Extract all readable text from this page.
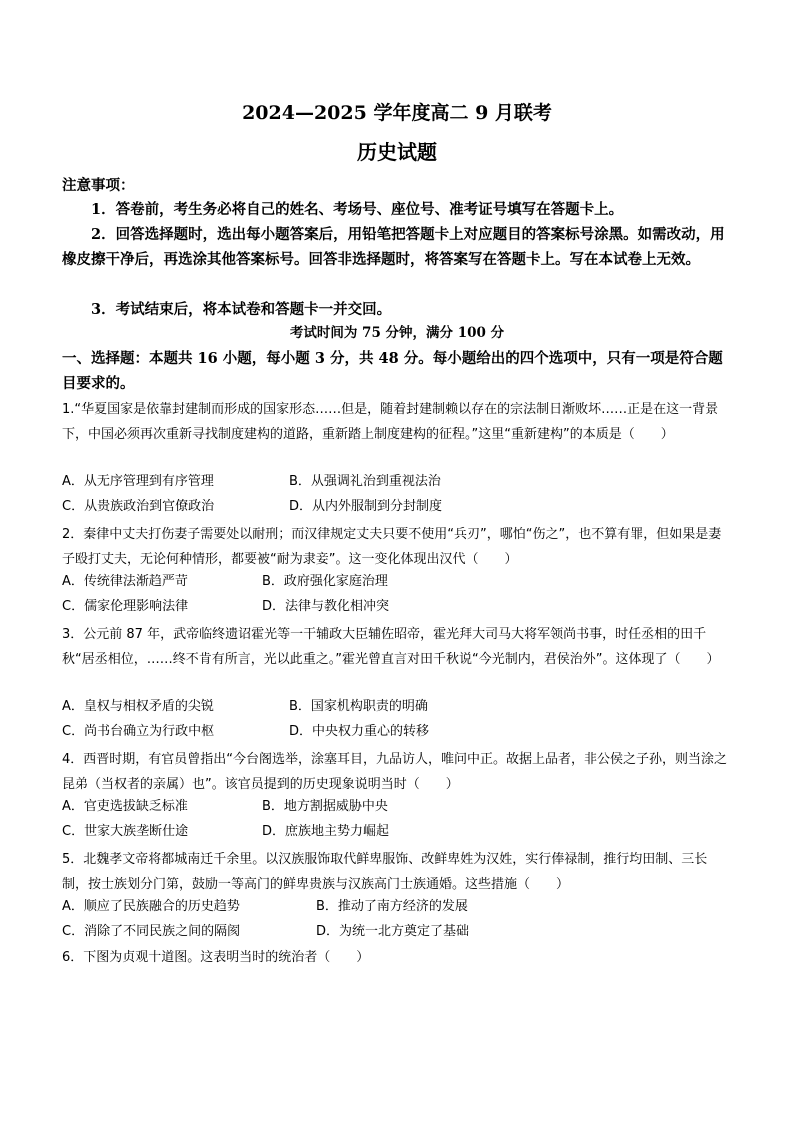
2024—2025 学年度高二 9 月联考
历史试题
注意事项：
1．答卷前，考生务必将自己的姓名、考场号、座位号、准考证号填写在答题卡上。
2．回答选择题时，选出每小题答案后，用铅笔把答题卡上对应题目的答案标号涂黑。如需改动，用橡皮擦干净后，再选涂其他答案标号。回答非选择题时，将答案写在答题卡上。写在本试卷上无效。
3．考试结束后，将本试卷和答题卡一并交回。
考试时间为 75 分钟，满分 100 分
一、选择题：本题共 16 小题，每小题 3 分，共 48 分。每小题给出的四个选项中，只有一项是符合题目要求的。
1.“华夏国家是依靠封建制而形成的国家形态……但是，随着封建制赖以存在的宗法制日渐败坏……正是在这一背景下，中国必须再次重新寻找制度建构的道路，重新踏上制度建构的征程。”这里“重新建构”的本质是（　　）
A．从无序管理到有序管理	B．从强调礼治到重视法治
C．从贵族政治到官僚政治	D．从内外服制到分封制度
2．秦律中丈夫打伤妻子需要处以耐刑；而汉律规定丈夫只要不使用“兵刃”，哪怕“伤之”，也不算有罪，但如果是妻子殴打丈夫，无论何种情形，都要被“耐为隶妾”。这一变化体现出汉代（　　）
A．传统律法渐趋严苛	B．政府强化家庭治理
C．儒家伦理影响法律	D．法律与教化相冲突
3．公元前 87 年，武帝临终遗诏霍光等一干辅政大臣辅佐昭帝，霍光拜大司马大将军领尚书事，时任丞相的田千秋“居丞相位，……终不肯有所言，光以此重之。”霍光曾直言对田千秋说“今光制内，君侯治外”。这体现了（　　）
A．皇权与相权矛盾的尖锐	B．国家机构职责的明确
C．尚书台确立为行政中枢	D．中央权力重心的转移
4．西晋时期，有官员曾指出“今台阁选举，涂塞耳目，九品访人，唯问中正。故据上品者，非公侯之子孙，则当涂之昆弟（当权者的亲属）也”。该官员提到的历史现象说明当时（　　）
A．官吏选拔缺乏标准	B．地方割据威胁中央
C．世家大族垄断仕途	D．庶族地主势力崛起
5．北魏孝文帝将都城南迁千余里。以汉族服饰取代鲜卑服饰、改鲜卑姓为汉姓，实行俸禄制，推行均田制、三长制，按士族划分门第，鼓励一等高门的鲜卑贵族与汉族高门士族通婚。这些措施（　　）
A．顺应了民族融合的历史趋势	B．推动了南方经济的发展
C．消除了不同民族之间的隔阂	D．为统一北方奠定了基础
6．下图为贞观十道图。这表明当时的统治者（　　）
